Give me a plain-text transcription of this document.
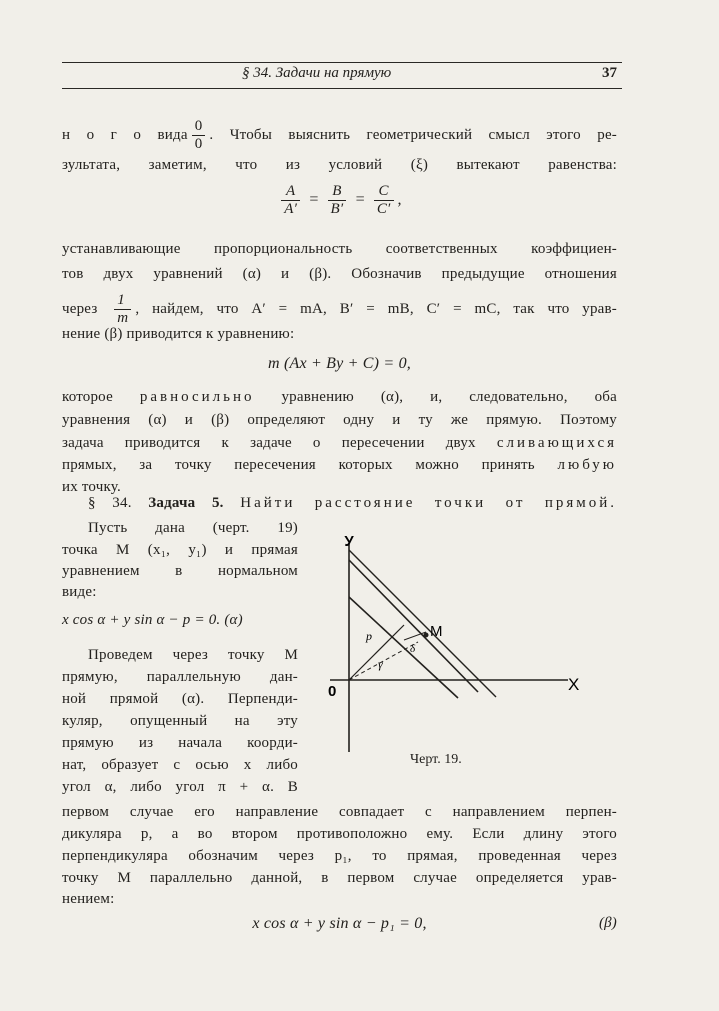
§ 34. Задачи на прямую	37
н о г о вида $\frac{0}{0}$ . Чтобы выяснить геометрический смысл этого ре-
зультата, заметим, что из условий (ξ) вытекают равенства:
$\frac{A}{A'} = \frac{B}{B'} = \frac{C}{C'}$ ,
устанавливающие пропорциональность соответственных коэффициен-
тов двух уравнений (α) и (β). Обозначив предыдущие отношения
через $\frac{1}{m}$ , найдем, что A′ = mA, B′ = mB, C′ = mC, так что урав-
нение (β) приводится к уравнению:
m (Ax + By + C) = 0,
которое равносильно уравнению (α), и, следовательно, оба
уравнения (α) и (β) определяют одну и ту же прямую. Поэтому
задача приводится к задаче о пересечении двух сливающихся
прямых, за точку пересечения которых можно принять любую
их точку.
§ 34. Задача 5. Найти расстояние точки от прямой.
Пусть дана (черт. 19)
точка M (x₁, y₁) и прямая
уравнением в нормальном
виде:
x cos α + y sin α − p = 0. (α)
Проведем через точку M
прямую, параллельную дан-
ной прямой (α). Перпенди-
куляр, опущенный на эту
прямую из начала коорди-
нат, образует с осью x либо
угол α, либо угол π + α. В
У
X
0
M
p
γ
δ
Черт. 19.
первом случае его направление совпадает с направлением перпен-
дикуляра p, а во втором противоположно ему. Если длину этого
перпендикуляра обозначим через p₁, то прямая, проведенная через
точку M параллельно данной, в первом случае определяется урав-
нением:
x cos α + y sin α − p₁ = 0,	(β)
